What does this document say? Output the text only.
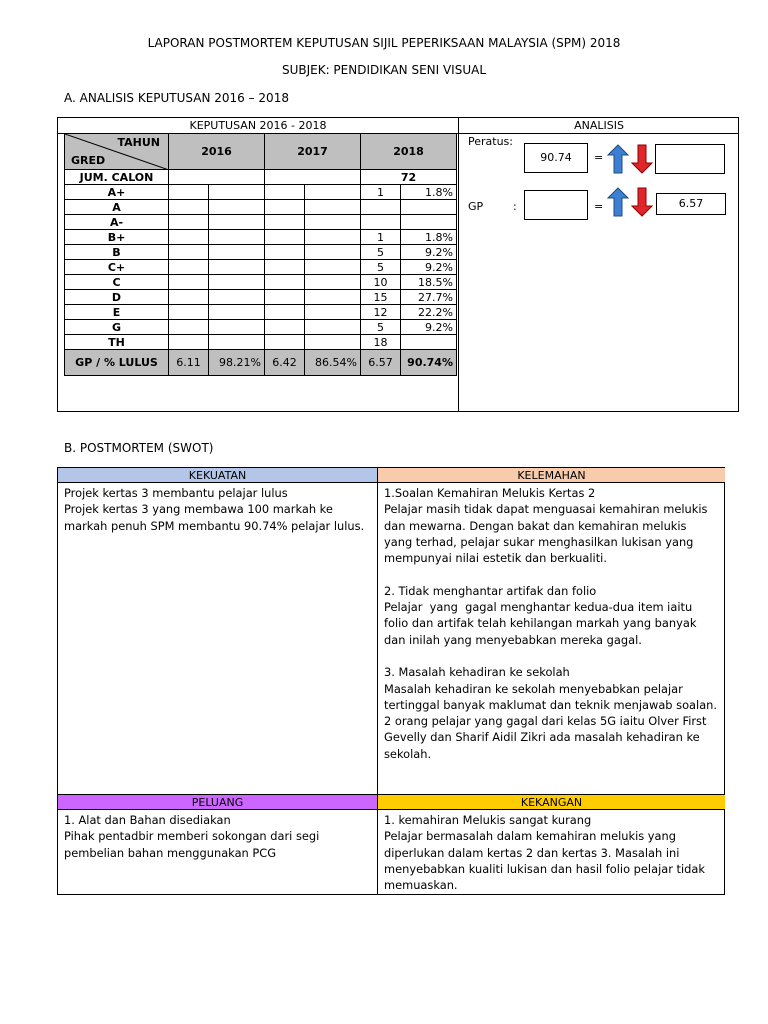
LAPORAN POSTMORTEM KEPUTUSAN SIJIL PEPERIKSAAN MALAYSIA (SPM) 2018
SUBJEK: PENDIDIKAN SENI VISUAL
A. ANALISIS KEPUTUSAN 2016 – 2018
KEPUTUSAN 2016 - 2018	ANALISIS
TAHUN
GRED	2016		2017		2018	
JUM. CALON					72	
A+					1	1.8%
A						
A-						
B+					1	1.8%
B					5	9.2%
C+					5	9.2%
C					10	18.5%
D					15	27.7%
E					12	22.2%
G					5	9.2%
TH					18	
GP / % LULUS	6.11	98.21%	6.42	86.54%	6.57	90.74%
Peratus:
90.74	=
GP	:	=	6.57
B. POSTMORTEM (SWOT)
KEKUATAN	KELEMAHAN
PELUANG	KEKANGAN

Projek kertas 3 membantu pelajar lulus

Projek kertas 3 yang membawa 100 markah ke

markah penuh SPM membantu 90.74% pelajar lulus.

1.Soalan Kemahiran Melukis Kertas 2

Pelajar masih tidak dapat menguasai kemahiran melukis

dan mewarna. Dengan bakat dan kemahiran melukis

yang terhad, pelajar sukar menghasilkan lukisan yang

mempunyai nilai estetik dan berkualiti.

2. Tidak menghantar artifak dan folio

Pelajar  yang  gagal menghantar kedua-dua item iaitu

folio dan artifak telah kehilangan markah yang banyak

dan inilah yang menyebabkan mereka gagal.

3. Masalah kehadiran ke sekolah

Masalah kehadiran ke sekolah menyebabkan pelajar

tertinggal banyak maklumat dan teknik menjawab soalan.

2 orang pelajar yang gagal dari kelas 5G iaitu Olver First

Gevelly dan Sharif Aidil Zikri ada masalah kehadiran ke

sekolah.

1. Alat dan Bahan disediakan

Pihak pentadbir memberi sokongan dari segi

pembelian bahan menggunakan PCG

1. kemahiran Melukis sangat kurang

Pelajar bermasalah dalam kemahiran melukis yang

diperlukan dalam kertas 2 dan kertas 3. Masalah ini

menyebabkan kualiti lukisan dan hasil folio pelajar tidak

memuaskan.
